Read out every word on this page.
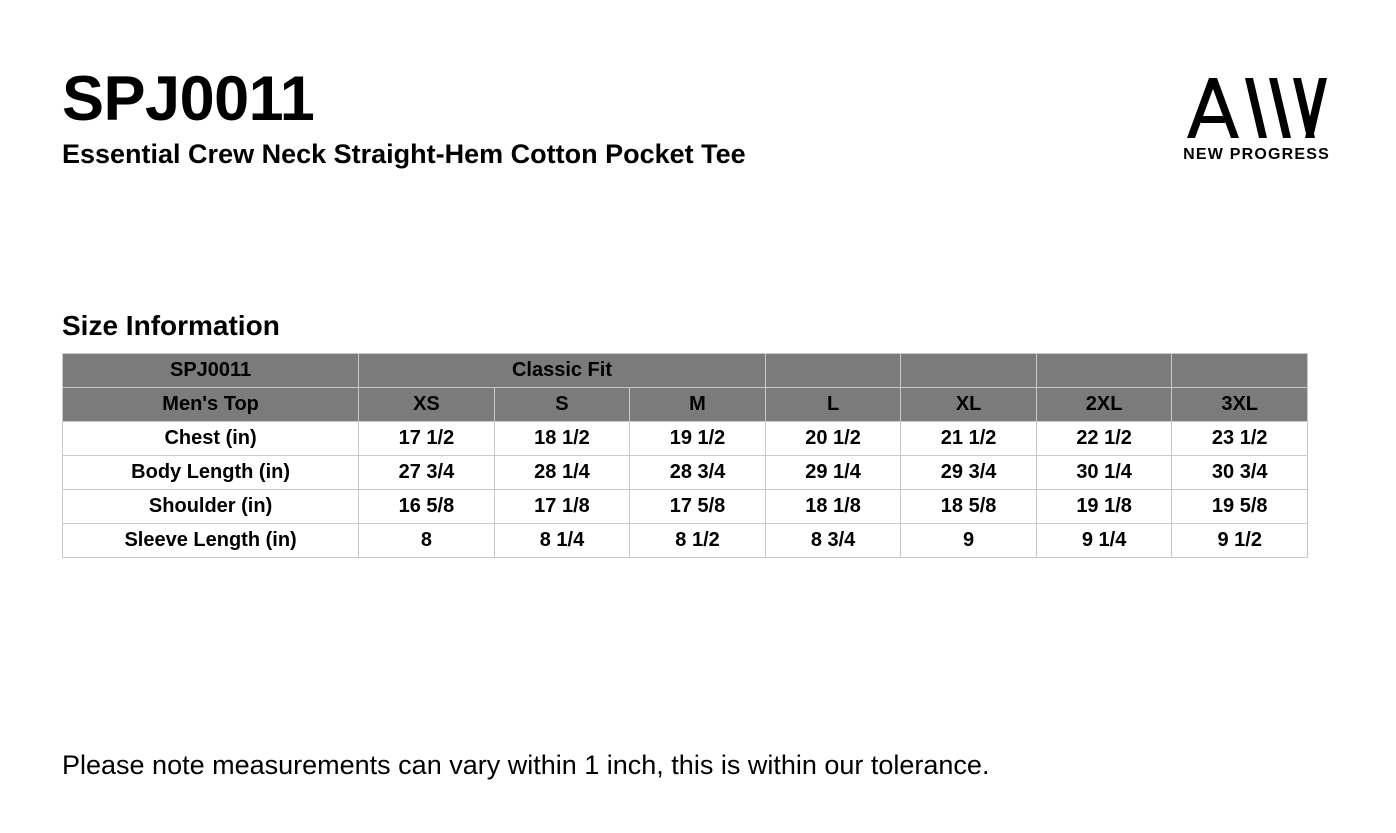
SPJ0011
Essential Crew Neck Straight-Hem Cotton Pocket Tee	NEW PROGRESS
Size Information
SPJ0011	Classic Fit						
Men's Top	XS	S	M	L	XL	2XL	3XL
Chest (in)	17 1/2	18 1/2	19 1/2	20 1/2	21 1/2	22 1/2	23 1/2
Body Length (in)	27 3/4	28 1/4	28 3/4	29 1/4	29 3/4	30 1/4	30 3/4
Shoulder (in)	16 5/8	17 1/8	17 5/8	18 1/8	18 5/8	19 1/8	19 5/8
Sleeve Length (in)	8	8 1/4	8 1/2	8 3/4	9	9 1/4	9 1/2
Please note measurements can vary within 1 inch, this is within our tolerance.
